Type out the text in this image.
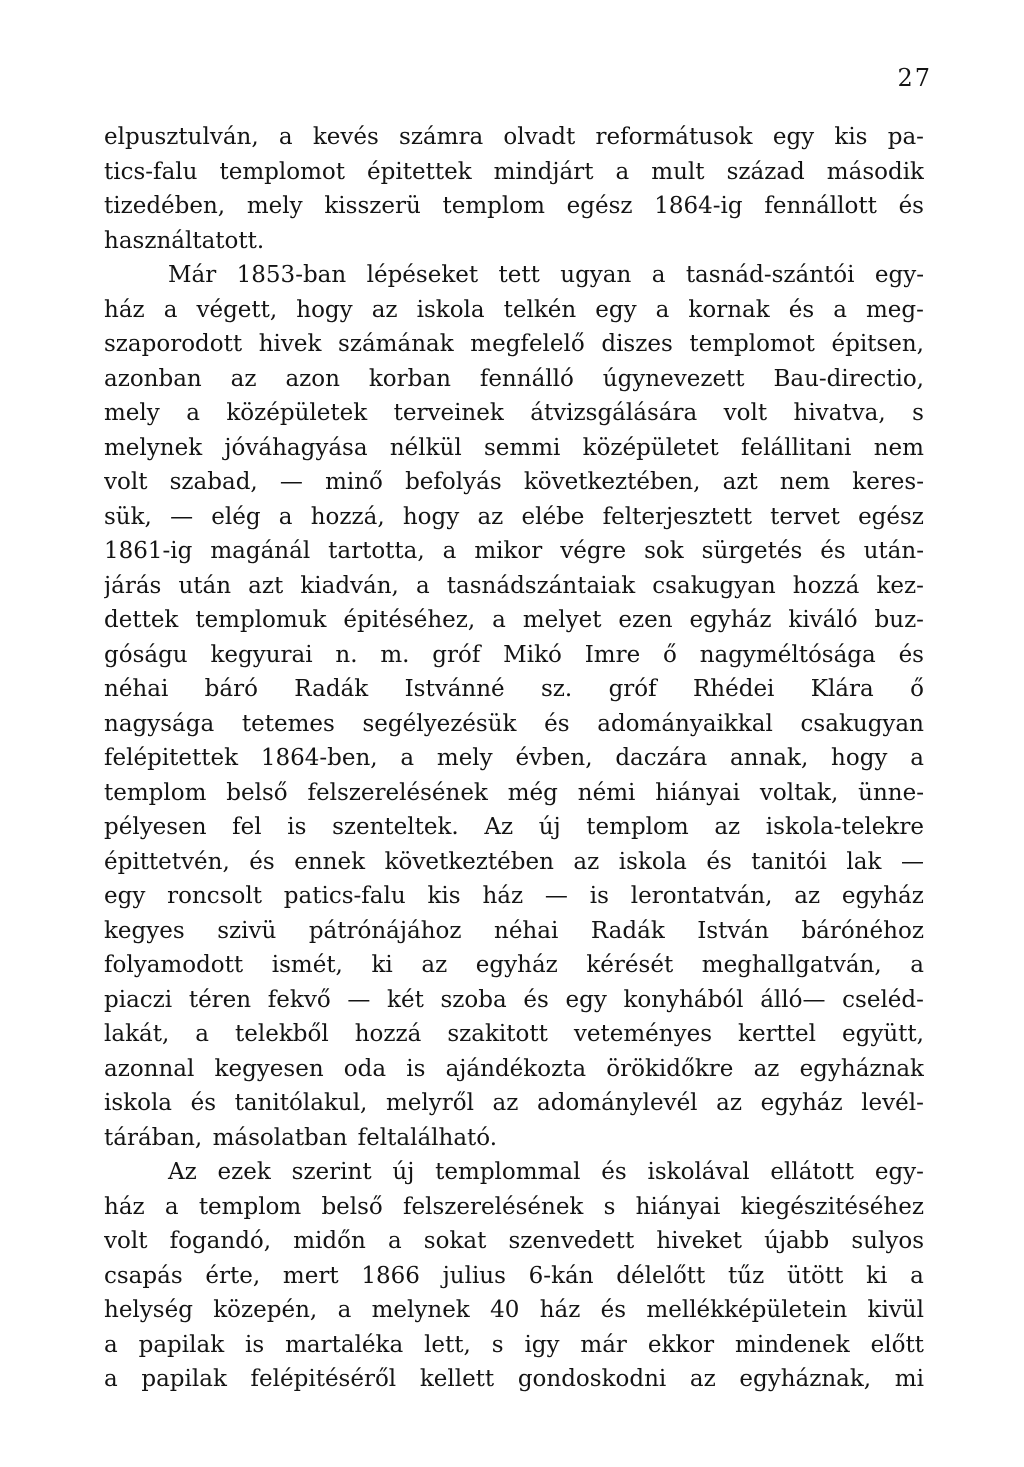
27
elpusztulván, a kevés számra olvadt reformátusok egy kis pa-
tics-falu templomot épitettek mindjárt a mult század második
tizedében, mely kisszerü templom egész 1864-ig fennállott és
használtatott.
Már 1853-ban lépéseket tett ugyan a tasnád-szántói egy-
ház a végett, hogy az iskola telkén egy a kornak és a meg-
szaporodott hivek számának megfelelő diszes templomot épitsen,
azonban az azon korban fennálló úgynevezett Bau-directio,
mely a középületek terveinek átvizsgálására volt hivatva, s
melynek jóváhagyása nélkül semmi középületet felállitani nem
volt szabad, — minő befolyás következtében, azt nem keres-
sük, — elég a hozzá, hogy az elébe felterjesztett tervet egész
1861-ig magánál tartotta, a mikor végre sok sürgetés és után-
járás után azt kiadván, a tasnádszántaiak csakugyan hozzá kez-
dettek templomuk épitéséhez, a melyet ezen egyház kiváló buz-
góságu kegyurai n. m. gróf Mikó Imre ő nagyméltósága és
néhai báró Radák Istvánné sz. gróf Rhédei Klára ő
nagysága tetemes segélyezésük és adományaikkal csakugyan
felépitettek 1864-ben, a mely évben, daczára annak, hogy a
templom belső felszerelésének még némi hiányai voltak, ünne-
pélyesen fel is szenteltek. Az új templom az iskola-telekre
épittetvén, és ennek következtében az iskola és tanitói lak —
egy roncsolt patics-falu kis ház — is lerontatván, az egyház
kegyes szivü pátrónájához néhai Radák István bárónéhoz
folyamodott ismét, ki az egyház kérését meghallgatván, a
piaczi téren fekvő — két szoba és egy konyhából álló— cseléd-
lakát, a telekből hozzá szakitott veteményes kerttel együtt,
azonnal kegyesen oda is ajándékozta örökidőkre az egyháznak
iskola és tanitólakul, melyről az adománylevél az egyház levél-
tárában, másolatban feltalálható.
Az ezek szerint új templommal és iskolával ellátott egy-
ház a templom belső felszerelésének s hiányai kiegészitéséhez
volt fogandó, midőn a sokat szenvedett hiveket újabb sulyos
csapás érte, mert 1866 julius 6-kán délelőtt tűz ütött ki a
helység közepén, a melynek 40 ház és mellékképületein kivül
a papilak is martaléka lett, s igy már ekkor mindenek előtt
a papilak felépitéséről kellett gondoskodni az egyháznak, mi
